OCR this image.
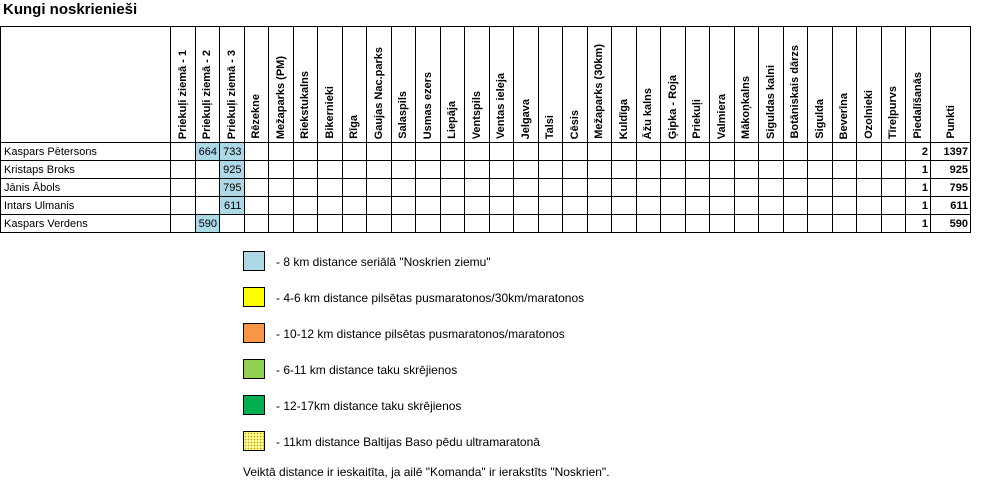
Kungi noskrienieši
	Priekuļi ziemā - 1	Priekuļi ziemā - 2	Priekuļi ziemā - 3	Rēzekne	Mežaparks (PM)	Riekstukalns	Bikernieki	Rīga	Gaujas Nac.parks	Salaspils	Usmas ezers	Liepāja	Ventspils	Ventas ieleja	Jelgava	Talsi	Cēsis	Mežaparks (30km)	Kuldīga	Āžu kalns	Ģipka - Roja	Priekuļi	Valmiera	Mākoņkalns	Siguldas kalni	Botāniskais dārzs	Sigulda	Beverīna	Ozolnieki	Tīreļpurvs	Piedalīšanās	Punkti
Kaspars Pētersons		664	733																												2	1397
Kristaps Broks			925																												1	925
Jānis Ābols			795																												1	795
Intars Ulmanis			611																												1	611
Kaspars Verdens		590																													1	590
- 8 km distance seriālā "Noskrien ziemu"
- 4-6 km distance pilsētas pusmaratonos/30km/maratonos
- 10-12 km distance pilsētas pusmaratonos/maratonos
- 6-11 km distance taku skrējienos
- 12-17km distance taku skrējienos
- 11km distance Baltijas Baso pēdu ultramaratonā
Veiktā distance ir ieskaitīta, ja ailē "Komanda" ir ierakstīts "Noskrien".
